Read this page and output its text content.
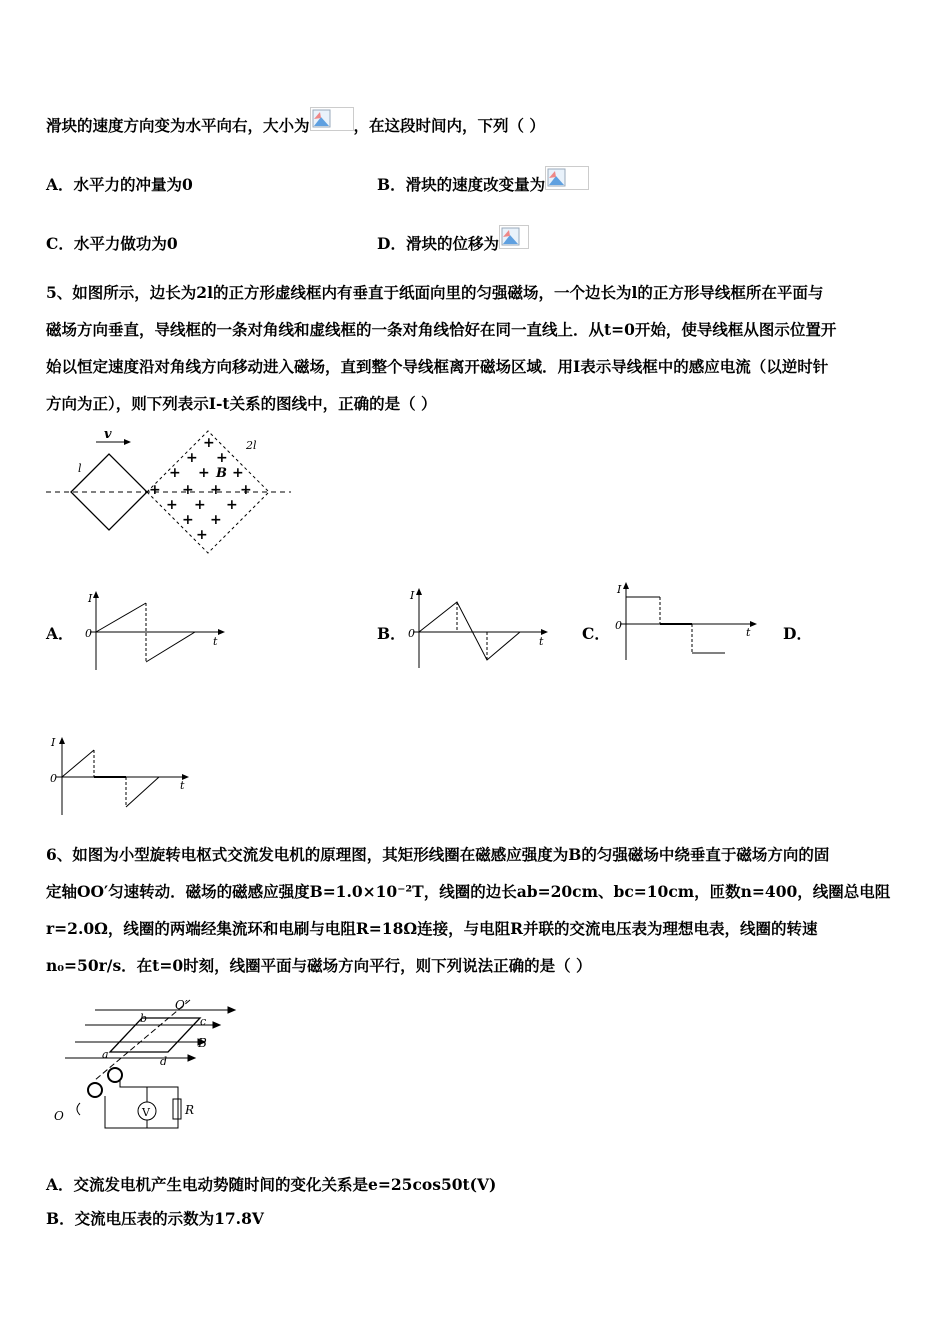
滑块的速度方向变为水平向右，大小为	，在这段时间内，下列（ ）
A．水平力的冲量为0	B．滑块的速度改变量为
C．水平力做功为0	D．滑块的位移为
5、如图所示，边长为2l的正方形虚线框内有垂直于纸面向里的匀强磁场，一个边长为l的正方形导线框所在平面与
磁场方向垂直，导线框的一条对角线和虚线框的一条对角线恰好在同一直线上．从t=0开始，使导线框从图示位置开
始以恒定速度沿对角线方向移动进入磁场，直到整个导线框离开磁场区域．用I表示导线框中的感应电流（以逆时针
方向为正），则下列表示I-t关系的图线中，正确的是（ ）
v
l
2l
B
+
+ +
+ + +
+ + + +
+ + +
+ +
+
A．
I
0
t	B．
I
0
t C．
I
0
t D．
I
0
t
6、如图为小型旋转电枢式交流发电机的原理图，其矩形线圈在磁感应强度为B的匀强磁场中绕垂直于磁场方向的固
定轴OO′匀速转动．磁场的磁感应强度B=1.0×10⁻²T，线圈的边长ab=20cm、bc=10cm，匝数n=400，线圈总电阻
r=2.0Ω，线圈的两端经集流环和电刷与电阻R=18Ω连接，与电阻R并联的交流电压表为理想电表，线圈的转速
n₀=50r/s．在t=0时刻，线圈平面与磁场方向平行，则下列说法正确的是（ ）
O′
b	c
B
a
d
O	V	R
A．交流发电机产生电动势随时间的变化关系是e=25cos50t(V)
B．交流电压表的示数为17.8V
